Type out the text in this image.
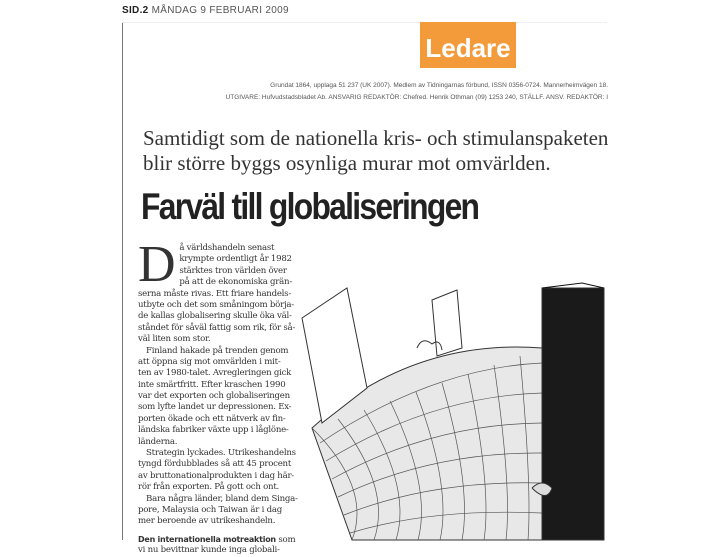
SID.2 MÅNDAG 9 FEBRUARI 2009
Ledare
Grundat 1864, upplaga 51 237 (UK 2007). Medlem av Tidningarnas förbund, ISSN 0356-0724. Mannerheimvägen 18.
UTGIVARE: Hufvudstadsbladet Ab. ANSVARIG REDAKTÖR: Chefred. Henrik Othman (09) 1253 240, STÄLLF. ANSV. REDAKTÖR: I
Samtidigt som de nationella kris- och stimulanspaketen blir större byggs osynliga murar mot omvärlden.
Farväl till globaliseringen
D å världshandeln senast
krympte ordentligt år 1982
stärktes tron världen över
på att de ekonomiska grän-
serna måste rivas. Ett friare handels-
utbyte och det som småningom börja-
de kallas globalisering skulle öka väl-
ståndet för såväl fattig som rik, för så-
väl liten som stor.
Finland hakade på trenden genom
att öppna sig mot omvärlden i mit-
ten av 1980-talet. Avregleringen gick
inte smärtfritt. Efter kraschen 1990
var det exporten och globaliseringen
som lyfte landet ur depressionen. Ex-
porten ökade och ett nätverk av fin-
ländska fabriker växte upp i låglöne-
länderna.
Strategin lyckades. Utrikeshandelns
tyngd fördubblades så att 45 procent
av bruttonationalprodukten i dag här-
rör från exporten. På gott och ont.
Bara några länder, bland dem Singa-
pore, Malaysia och Taiwan är i dag
mer beroende av utrikeshandeln.
Den internationella motreaktion som
vi nu bevittnar kunde inga globali-
